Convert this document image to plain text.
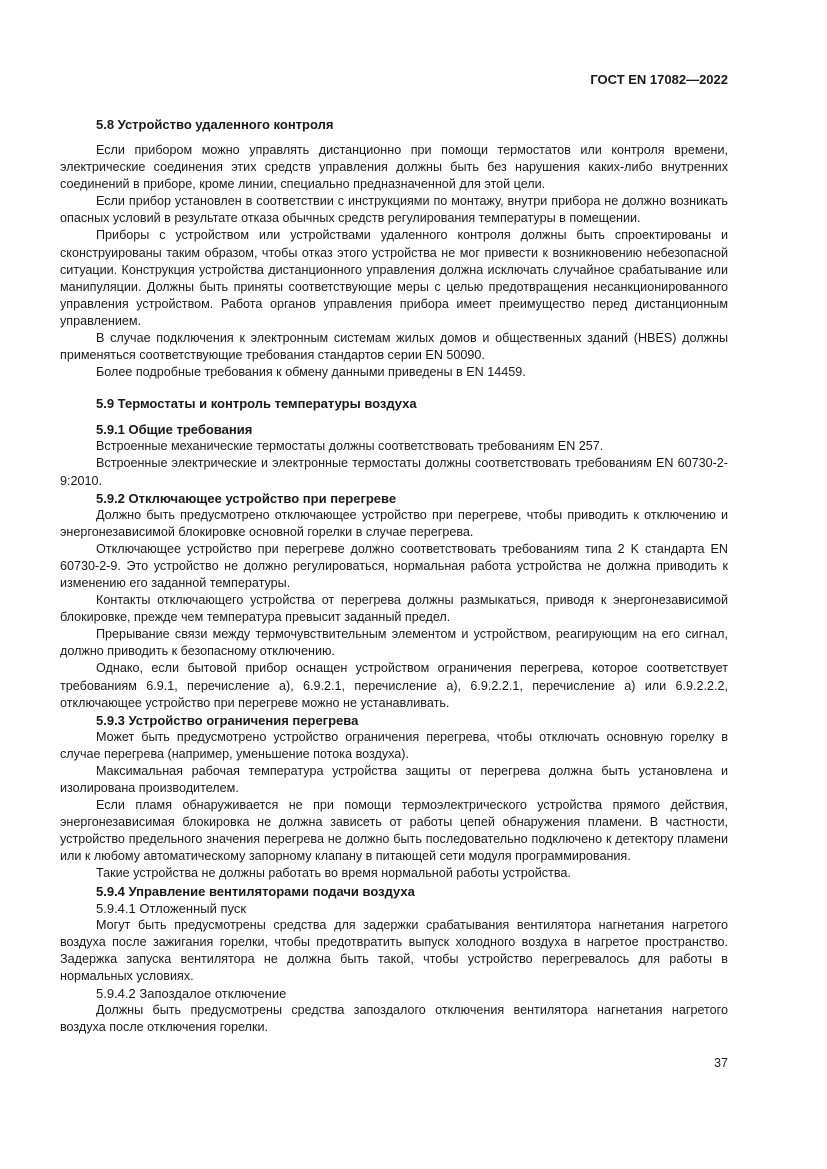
ГОСТ EN 17082—2022
5.8 Устройство удаленного контроля

Если прибором можно управлять дистанционно при помощи термостатов или контроля времени, электрические соединения этих средств управления должны быть без нарушения каких-либо внутренних соединений в приборе, кроме линии, специально предназначенной для этой цели.

Если прибор установлен в соответствии с инструкциями по монтажу, внутри прибора не должно возникать опасных условий в результате отказа обычных средств регулирования температуры в помещении.

Приборы с устройством или устройствами удаленного контроля должны быть спроектированы и сконструированы таким образом, чтобы отказ этого устройства не мог привести к возникновению небезопасной ситуации. Конструкция устройства дистанционного управления должна исключать случайное срабатывание или манипуляции. Должны быть приняты соответствующие меры с целью предотвращения несанкционированного управления устройством. Работа органов управления прибора имеет преимущество перед дистанционным управлением.

В случае подключения к электронным системам жилых домов и общественных зданий (HBES) должны применяться соответствующие требования стандартов серии EN 50090.

Более подробные требования к обмену данными приведены в EN 14459.

5.9 Термостаты и контроль температуры воздуха
5.9.1 Общие требования

Встроенные механические термостаты должны соответствовать требованиям EN 257.

Встроенные электрические и электронные термостаты должны соответствовать требованиям EN 60730-2-9:2010.

5.9.2 Отключающее устройство при перегреве

Должно быть предусмотрено отключающее устройство при перегреве, чтобы приводить к отключению и энергонезависимой блокировке основной горелки в случае перегрева.

Отключающее устройство при перегреве должно соответствовать требованиям типа 2 K стандарта EN 60730-2-9. Это устройство не должно регулироваться, нормальная работа устройства не должна приводить к изменению его заданной температуры.

Контакты отключающего устройства от перегрева должны размыкаться, приводя к энергонезависимой блокировке, прежде чем температура превысит заданный предел.

Прерывание связи между термочувствительным элементом и устройством, реагирующим на его сигнал, должно приводить к безопасному отключению.

Однако, если бытовой прибор оснащен устройством ограничения перегрева, которое соответствует требованиям 6.9.1, перечисление а), 6.9.2.1, перечисление а), 6.9.2.2.1, перечисление а) или 6.9.2.2.2, отключающее устройство при перегреве можно не устанавливать.

5.9.3 Устройство ограничения перегрева

Может быть предусмотрено устройство ограничения перегрева, чтобы отключать основную горелку в случае перегрева (например, уменьшение потока воздуха).

Максимальная рабочая температура устройства защиты от перегрева должна быть установлена и изолирована производителем.

Если пламя обнаруживается не при помощи термоэлектрического устройства прямого действия, энергонезависимая блокировка не должна зависеть от работы цепей обнаружения пламени. В частности, устройство предельного значения перегрева не должно быть последовательно подключено к детектору пламени или к любому автоматическому запорному клапану в питающей сети модуля программирования.

Такие устройства не должны работать во время нормальной работы устройства.

5.9.4 Управление вентиляторами подачи воздуха
5.9.4.1 Отложенный пуск

Могут быть предусмотрены средства для задержки срабатывания вентилятора нагнетания нагретого воздуха после зажигания горелки, чтобы предотвратить выпуск холодного воздуха в нагретое пространство. Задержка запуска вентилятора не должна быть такой, чтобы устройство перегревалось для работы в нормальных условиях.

5.9.4.2 Запоздалое отключение

Должны быть предусмотрены средства запоздалого отключения вентилятора нагнетания нагретого воздуха после отключения горелки.

37
